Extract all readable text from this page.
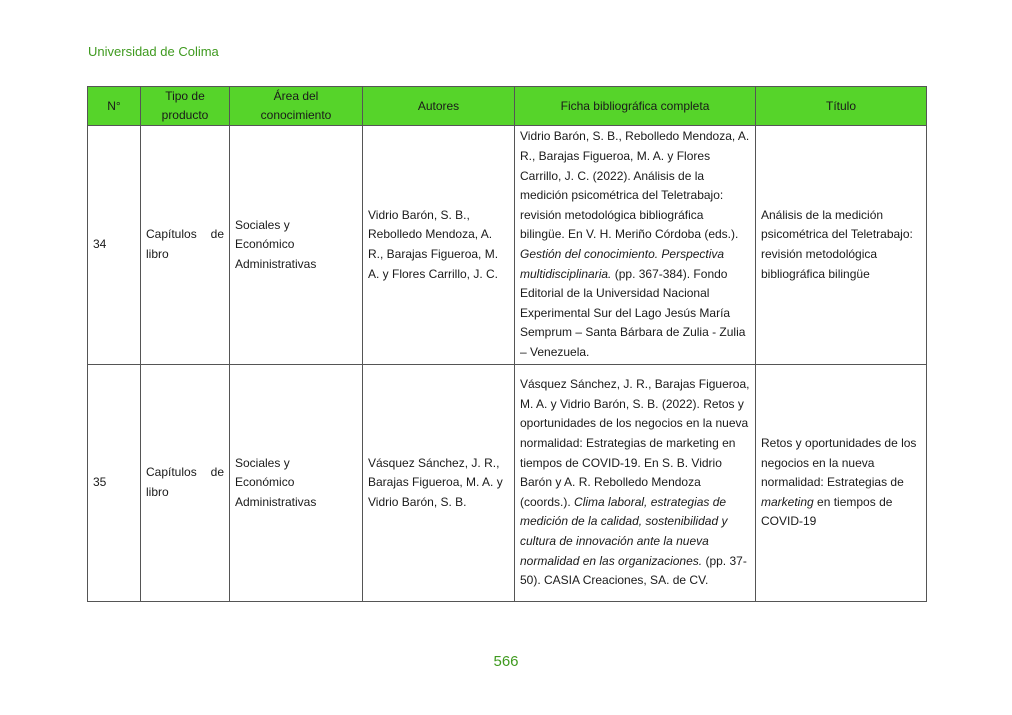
Universidad de Colima
N°	Tipo de producto	Área del conocimiento	Autores	Ficha bibliográfica completa	Título
34	Capítulos de libro	Sociales y Económico Administrativas	Vidrio Barón, S. B., Rebolledo Mendoza, A. R., Barajas Figueroa, M. A. y Flores Carrillo, J. C.	Vidrio Barón, S. B., Rebolledo Mendoza, A. R., Barajas Figueroa, M. A. y Flores Carrillo, J. C. (2022). Análisis de la medición psicométrica del Teletrabajo: revisión metodológica bibliográfica bilingüe. En V. H. Meriño Córdoba (eds.). Gestión del conocimiento. Perspectiva multidisciplinaria. (pp. 367-384). Fondo Editorial de la Universidad Nacional Experimental Sur del Lago Jesús María Semprum – Santa Bárbara de Zulia - Zulia – Venezuela.	Análisis de la medición psicométrica del Teletrabajo: revisión metodológica bibliográfica bilingüe
35	Capítulos de libro	Sociales y Económico Administrativas	Vásquez Sánchez, J. R., Barajas Figueroa, M. A. y Vidrio Barón, S. B.	Vásquez Sánchez, J. R., Barajas Figueroa, M. A. y Vidrio Barón, S. B. (2022). Retos y oportunidades de los negocios en la nueva normalidad: Estrategias de marketing en tiempos de COVID-19. En S. B. Vidrio Barón y A. R. Rebolledo Mendoza (coords.). Clima laboral, estrategias de medición de la calidad, sostenibilidad y cultura de innovación ante la nueva normalidad en las organizaciones. (pp. 37-50). CASIA Creaciones, SA. de CV.	Retos y oportunidades de los negocios en la nueva normalidad: Estrategias de marketing en tiempos de COVID-19
566
